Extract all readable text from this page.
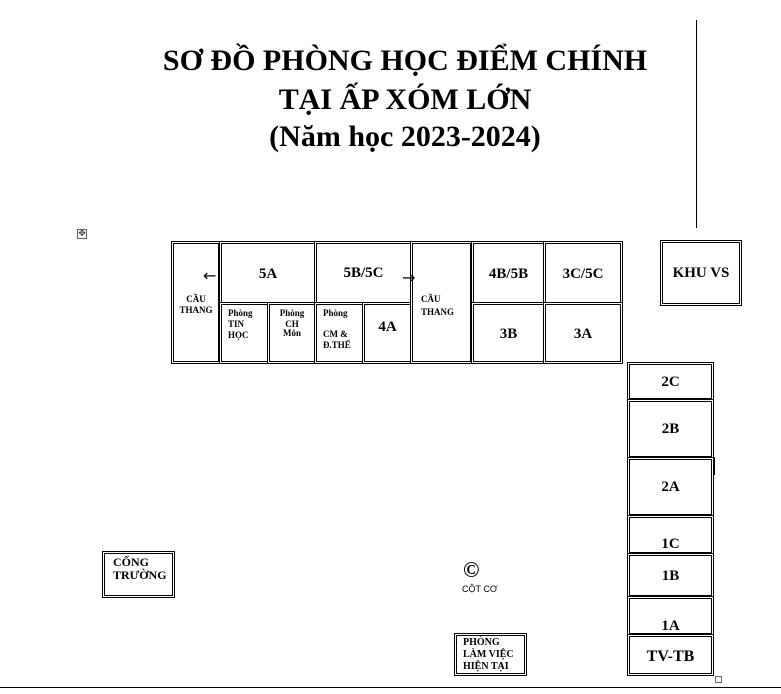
SƠ ĐỒ PHÒNG HỌC ĐIỂM CHÍNH
TẠI ẤP XÓM LỚN
(Năm học 2023-2024)
✥
CẦU
THANG
←	5A
Phòng
TIN
HỌC
Phòng
CH
Môn
5B/5C
Phòng
CM &
Đ.THỂ
4A
CẦU
THANG
→	4B/5B	3C/5C
3B	3A
KHU VS
2C
2B
2A
1C
1B
1A
TV-TB
CỔNG
TRƯỜNG	©
CỘT CƠ
PHÒNG
LÀM VIỆC
HIỆN TẠI
